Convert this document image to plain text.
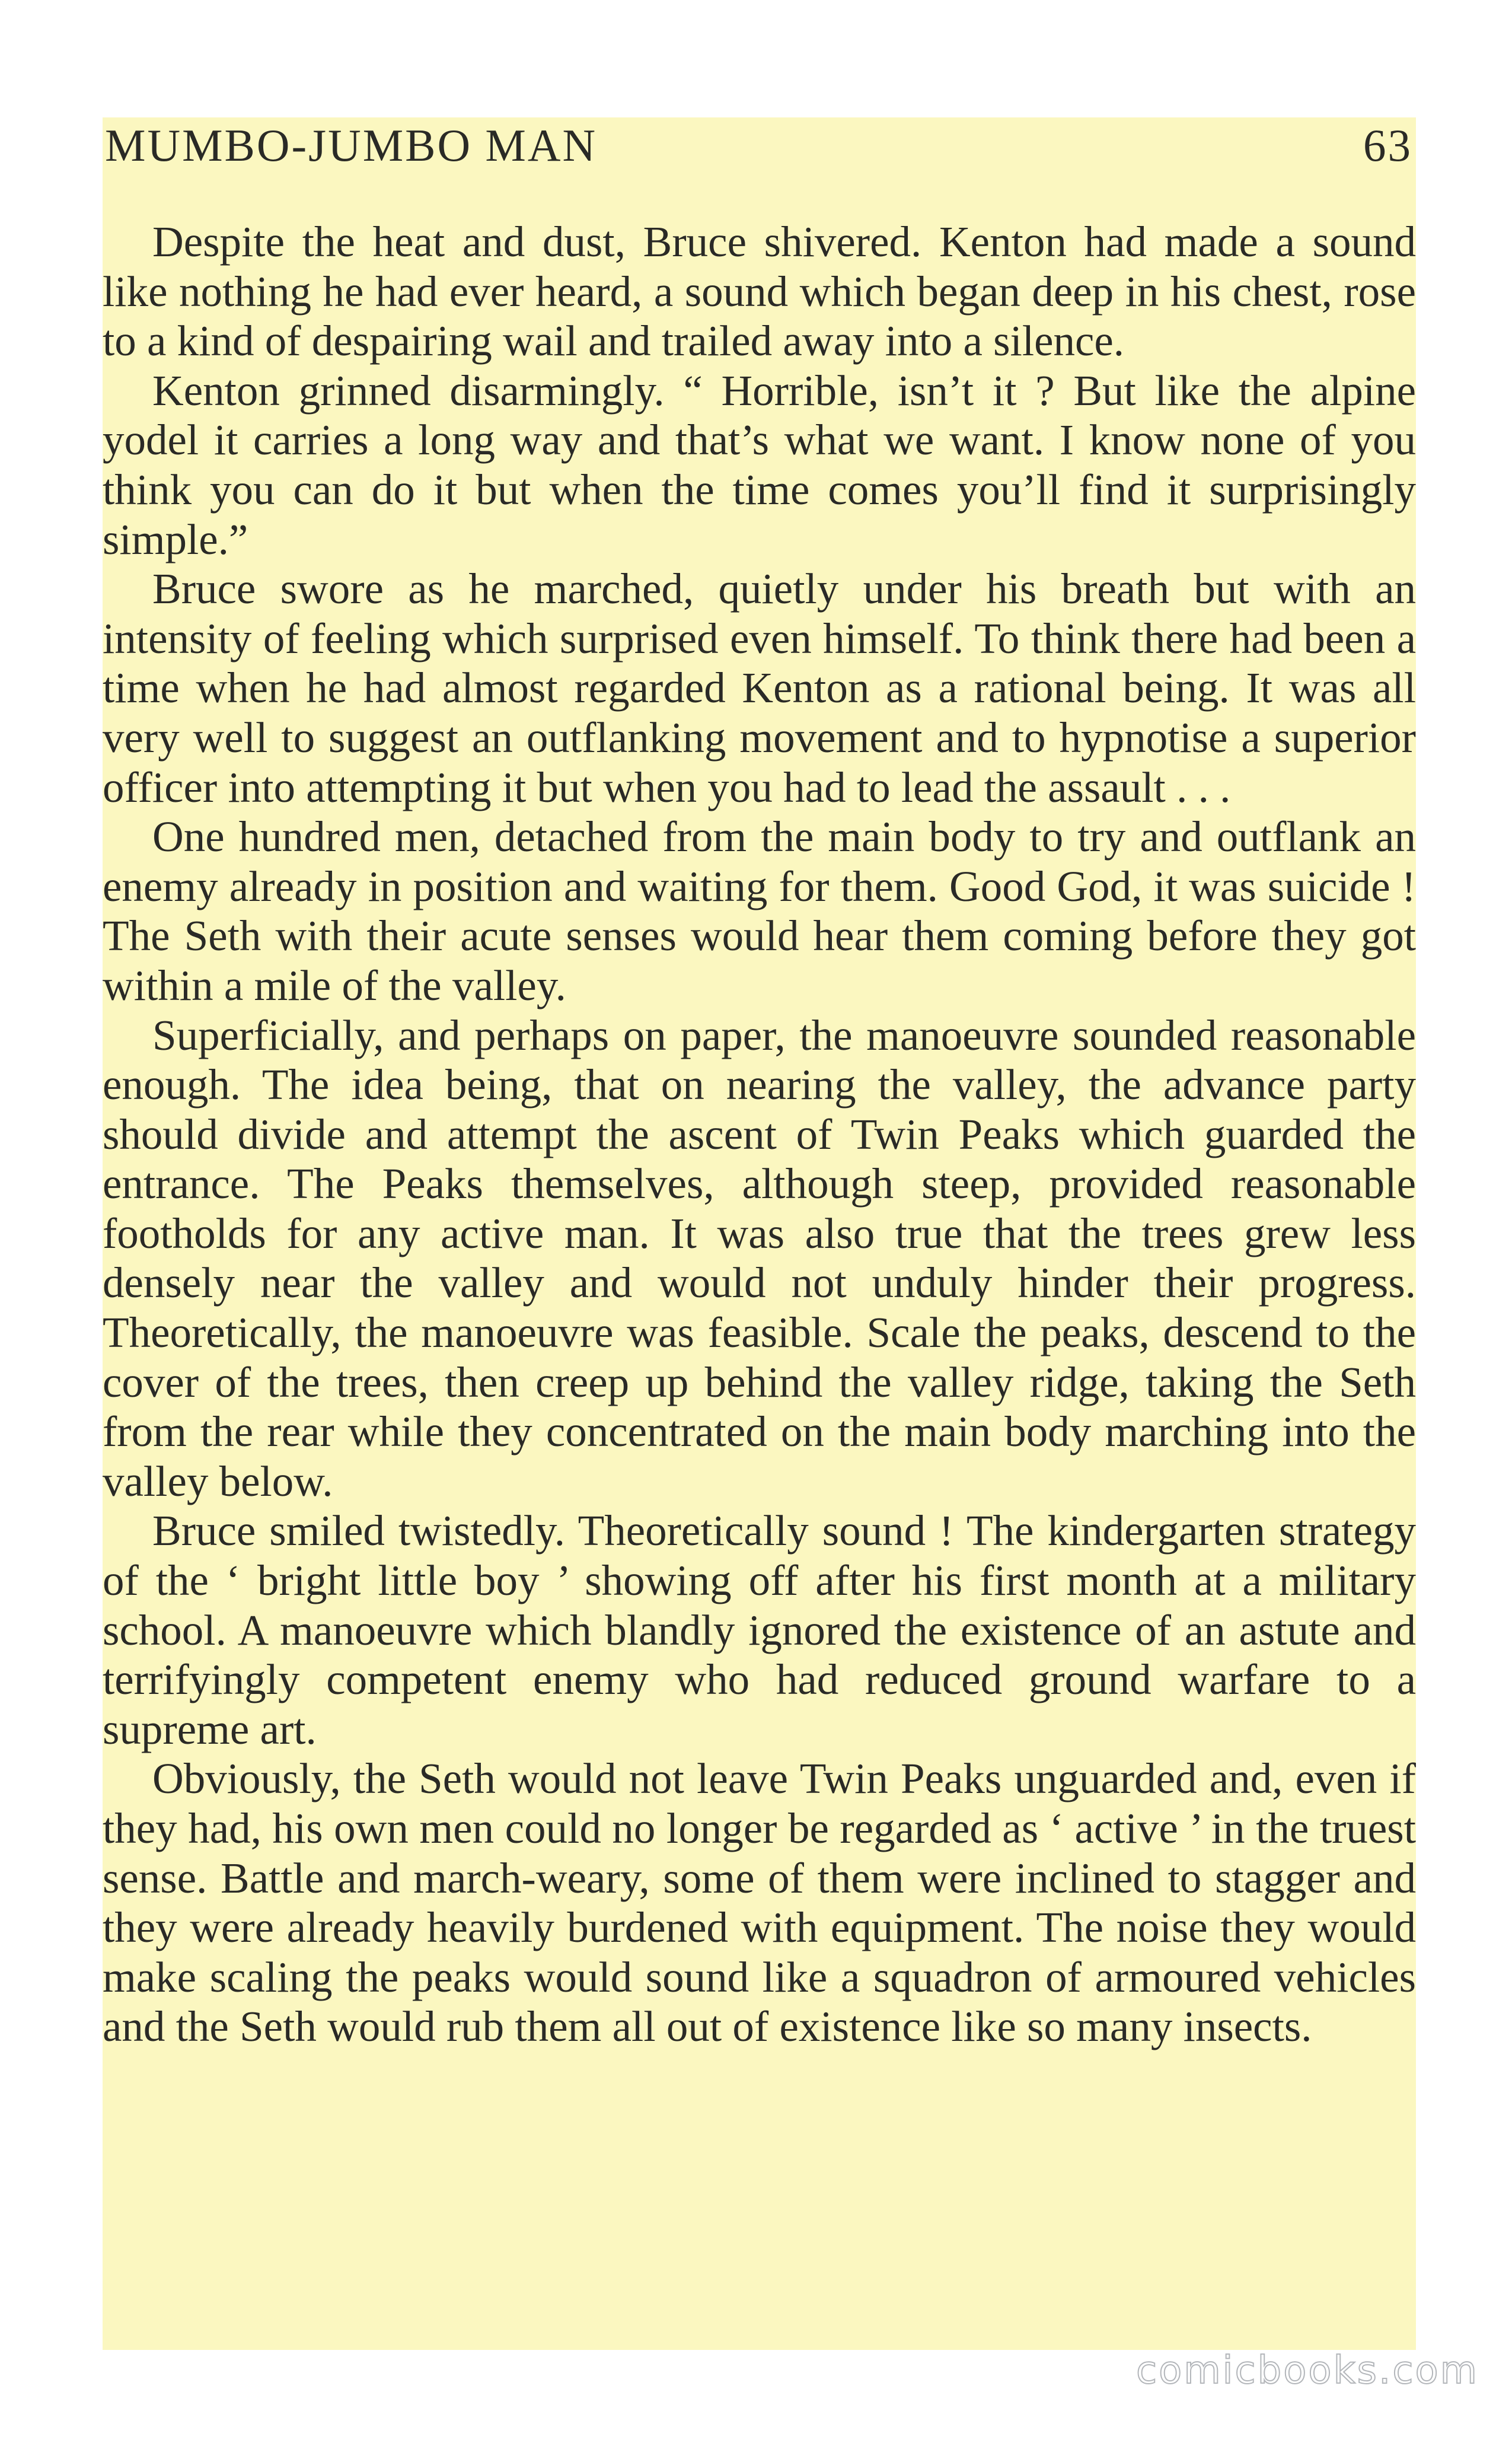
MUMBO-JUMBO MAN	63

Despite the heat and dust, Bruce shivered. Kenton had made a sound like nothing he had ever heard, a sound which began deep in his chest, rose to a kind of despairing wail and trailed away into a silence.

Kenton grinned disarmingly. “ Horrible, isn’t it ? But like the alpine yodel it carries a long way and that’s what we want. I know none of you think you can do it but when the time comes you’ll find it surprisingly simple.”

Bruce swore as he marched, quietly under his breath but with an intensity of feeling which surprised even himself. To think there had been a time when he had almost regarded Kenton as a rational being. It was all very well to suggest an outflanking movement and to hypnotise a superior officer into attempting it but when you had to lead the assault . . .

One hundred men, detached from the main body to try and outflank an enemy already in position and waiting for them. Good God, it was suicide ! The Seth with their acute senses would hear them coming before they got within a mile of the valley.

Superficially, and perhaps on paper, the manoeuvre sounded reasonable enough. The idea being, that on nearing the valley, the advance party should divide and attempt the ascent of Twin Peaks which guarded the entrance. The Peaks themselves, although steep, provided reasonable footholds for any active man. It was also true that the trees grew less densely near the valley and would not unduly hinder their progress. Theoretically, the manoeuvre was feasible. Scale the peaks, descend to the cover of the trees, then creep up behind the valley ridge, taking the Seth from the rear while they concentrated on the main body marching into the valley below.

Bruce smiled twistedly. Theoretically sound ! The kindergarten strategy of the ‘ bright little boy ’ showing off after his first month at a military school. A manoeuvre which blandly ignored the existence of an astute and terrifyingly competent enemy who had reduced ground warfare to a supreme art.

Obviously, the Seth would not leave Twin Peaks unguarded and, even if they had, his own men could no longer be regarded as ‘ active ’ in the truest sense. Battle and march-weary, some of them were inclined to stagger and they were already heavily burdened with equipment. The noise they would make scaling the peaks would sound like a squadron of armoured vehicles and the Seth would rub them all out of existence like so many insects.

comicbooks.com
